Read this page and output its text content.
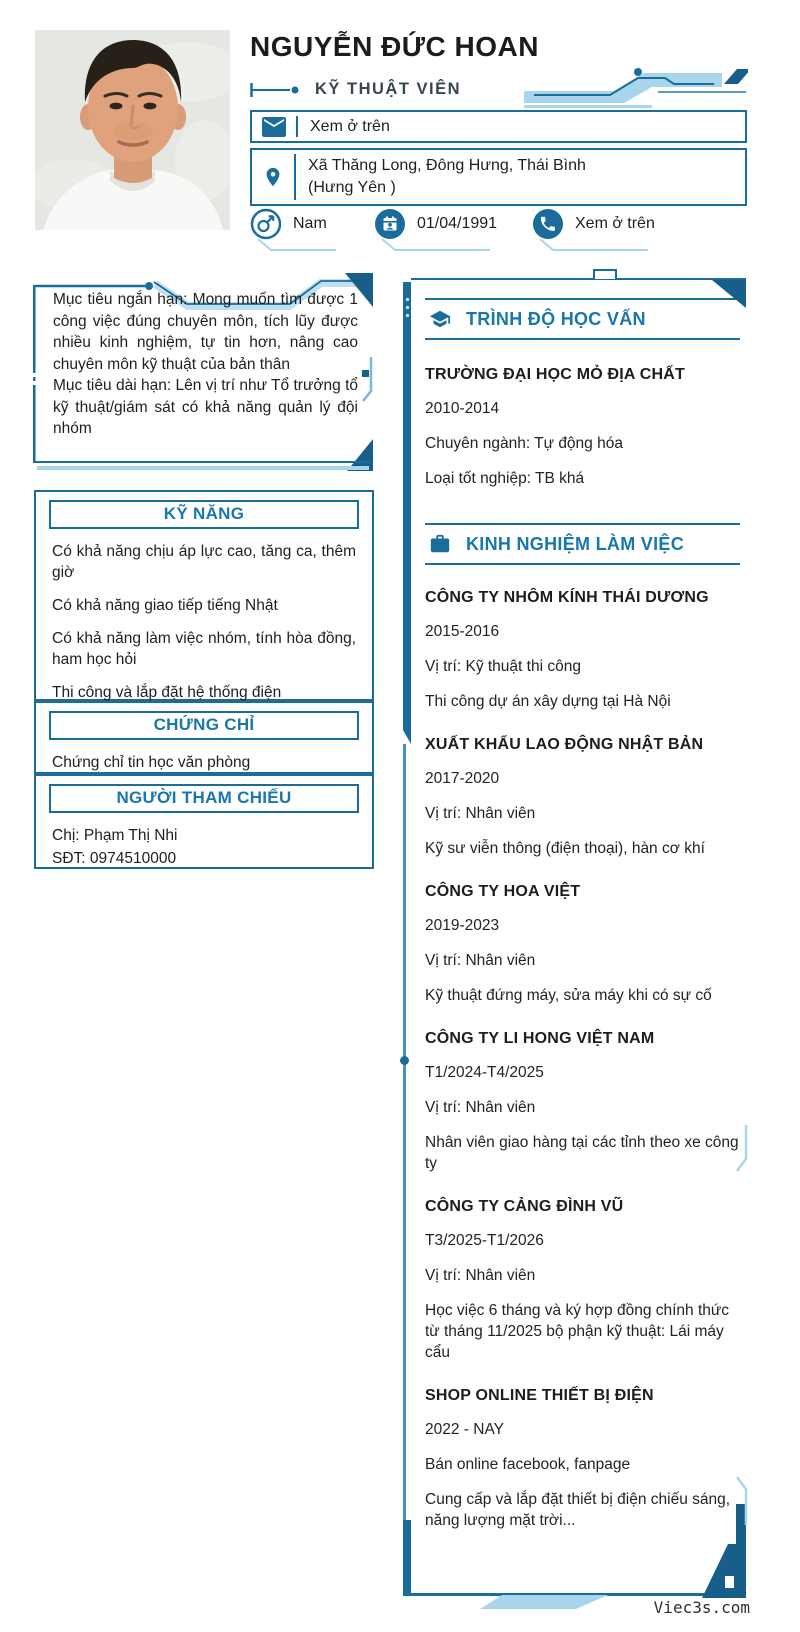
NGUYỄN ĐỨC HOAN
KỸ THUẬT VIÊN
Xem ở trên
Xã Thăng Long, Đông Hưng, Thái Bình
(Hưng Yên )
Nam	01/04/1991	Xem ở trên

Mục tiêu ngắn hạn: Mong muốn tìm được 1 công việc đúng chuyên môn, tích lũy được nhiều kinh nghiệm, tự tin hơn, nâng cao chuyên môn kỹ thuật của bản thân

Mục tiêu dài hạn: Lên vị trí như Tổ trưởng tổ kỹ thuật/giám sát có khả năng quản lý đội nhóm

KỸ NĂNG

Có khả năng chịu áp lực cao, tăng ca, thêm giờ

Có khả năng giao tiếp tiếng Nhật

Có khả năng làm việc nhóm, tính hòa đồng, ham học hỏi

Thi công và lắp đặt hệ thống điện

CHỨNG CHỈ

Chứng chỉ tin học văn phòng

NGƯỜI THAM CHIẾU

Chị: Phạm Thị Nhi

SĐT: 0974510000

TRÌNH ĐỘ HỌC VẤN
TRƯỜNG ĐẠI HỌC MỎ ĐỊA CHẤT

2010-2014

Chuyên ngành: Tự động hóa

Loại tốt nghiệp: TB khá

KINH NGHIỆM LÀM VIỆC
CÔNG TY NHÔM KÍNH THÁI DƯƠNG

2015-2016

Vị trí: Kỹ thuật thi công

Thi công dự án xây dựng tại Hà Nội

XUẤT KHẨU LAO ĐỘNG NHẬT BẢN

2017-2020

Vị trí: Nhân viên

Kỹ sư viễn thông (điện thoại), hàn cơ khí

CÔNG TY HOA VIỆT

2019-2023

Vị trí: Nhân viên

Kỹ thuật đứng máy, sửa máy khi có sự cố

CÔNG TY LI HONG VIỆT NAM

T1/2024-T4/2025

Vị trí: Nhân viên

Nhân viên giao hàng tại các tỉnh theo xe công ty

CÔNG TY CẢNG ĐÌNH VŨ

T3/2025-T1/2026

Vị trí: Nhân viên

Học việc 6 tháng và ký hợp đồng chính thức từ tháng 11/2025 bộ phận kỹ thuật: Lái máy cẩu

SHOP ONLINE THIẾT BỊ ĐIỆN

2022 - NAY

Bán online facebook, fanpage

Cung cấp và lắp đặt thiết bị điện chiếu sáng, năng lượng mặt trời...

Viec3s.com
